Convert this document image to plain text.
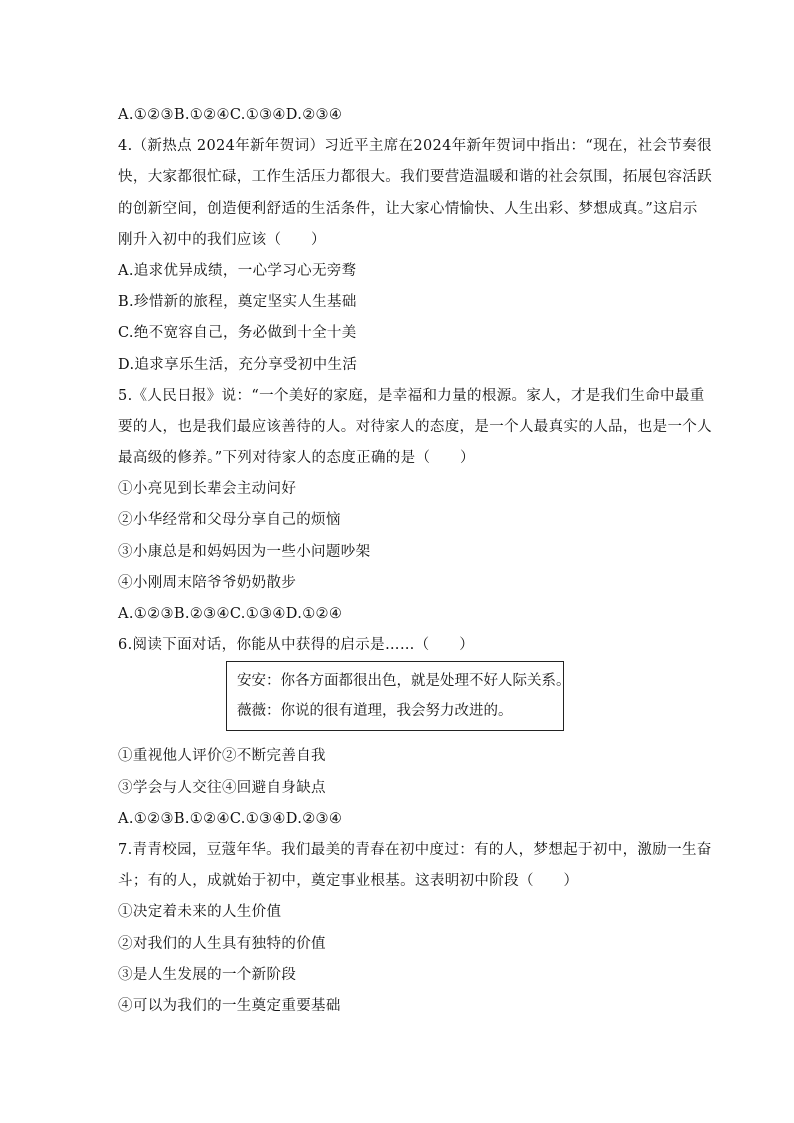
A.①②③B.①②④C.①③④D.②③④
4.（新热点 2024年新年贺词）习近平主席在2024年新年贺词中指出：“现在，社会节奏很
快，大家都很忙碌，工作生活压力都很大。我们要营造温暖和谐的社会氛围，拓展包容活跃
的创新空间，创造便利舒适的生活条件，让大家心情愉快、人生出彩、梦想成真。”这启示
刚升入初中的我们应该（　　）
A.追求优异成绩，一心学习心无旁骛
B.珍惜新的旅程，奠定坚实人生基础
C.绝不宽容自己，务必做到十全十美
D.追求享乐生活，充分享受初中生活
5.《人民日报》说：“一个美好的家庭，是幸福和力量的根源。家人，才是我们生命中最重
要的人，也是我们最应该善待的人。对待家人的态度，是一个人最真实的人品，也是一个人
最高级的修养。”下列对待家人的态度正确的是（　　）
①小亮见到长辈会主动问好
②小华经常和父母分享自己的烦恼
③小康总是和妈妈因为一些小问题吵架
④小刚周末陪爷爷奶奶散步
A.①②③B.②③④C.①③④D.①②④
6.阅读下面对话，你能从中获得的启示是……（　　）
安安：你各方面都很出色，就是处理不好人际关系。
薇薇：你说的很有道理，我会努力改进的。
①重视他人评价②不断完善自我
③学会与人交往④回避自身缺点
A.①②③B.①②④C.①③④D.②③④
7.青青校园，豆蔻年华。我们最美的青春在初中度过：有的人，梦想起于初中，激励一生奋
斗；有的人，成就始于初中，奠定事业根基。这表明初中阶段（　　）
①决定着未来的人生价值
②对我们的人生具有独特的价值
③是人生发展的一个新阶段
④可以为我们的一生奠定重要基础
